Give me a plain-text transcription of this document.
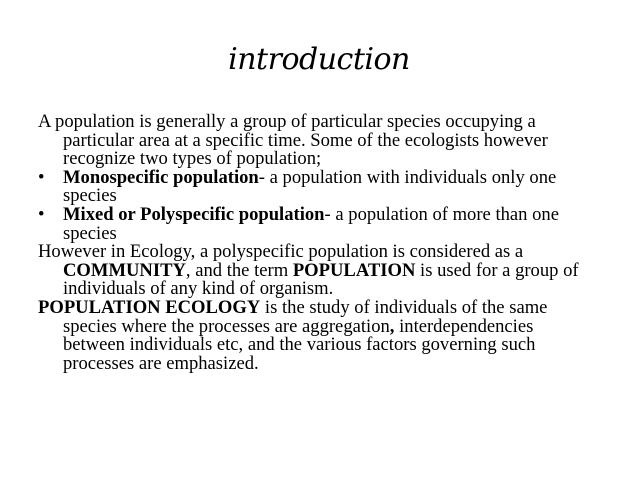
introduction

A population is generally a group of particular species occupying a particular area at a specific time. Some of the ecologists however recognize two types of population;

• Monospecific population- a population with individuals only one species

• Mixed or Polyspecific population- a population of more than one species

However in Ecology, a polyspecific population is considered as a COMMUNITY, and the term POPULATION is used for a group of individuals of any kind of organism.

POPULATION ECOLOGY is the study of individuals of the same species where the processes are aggregation, interdependencies between individuals etc, and the various factors governing such processes are emphasized.
